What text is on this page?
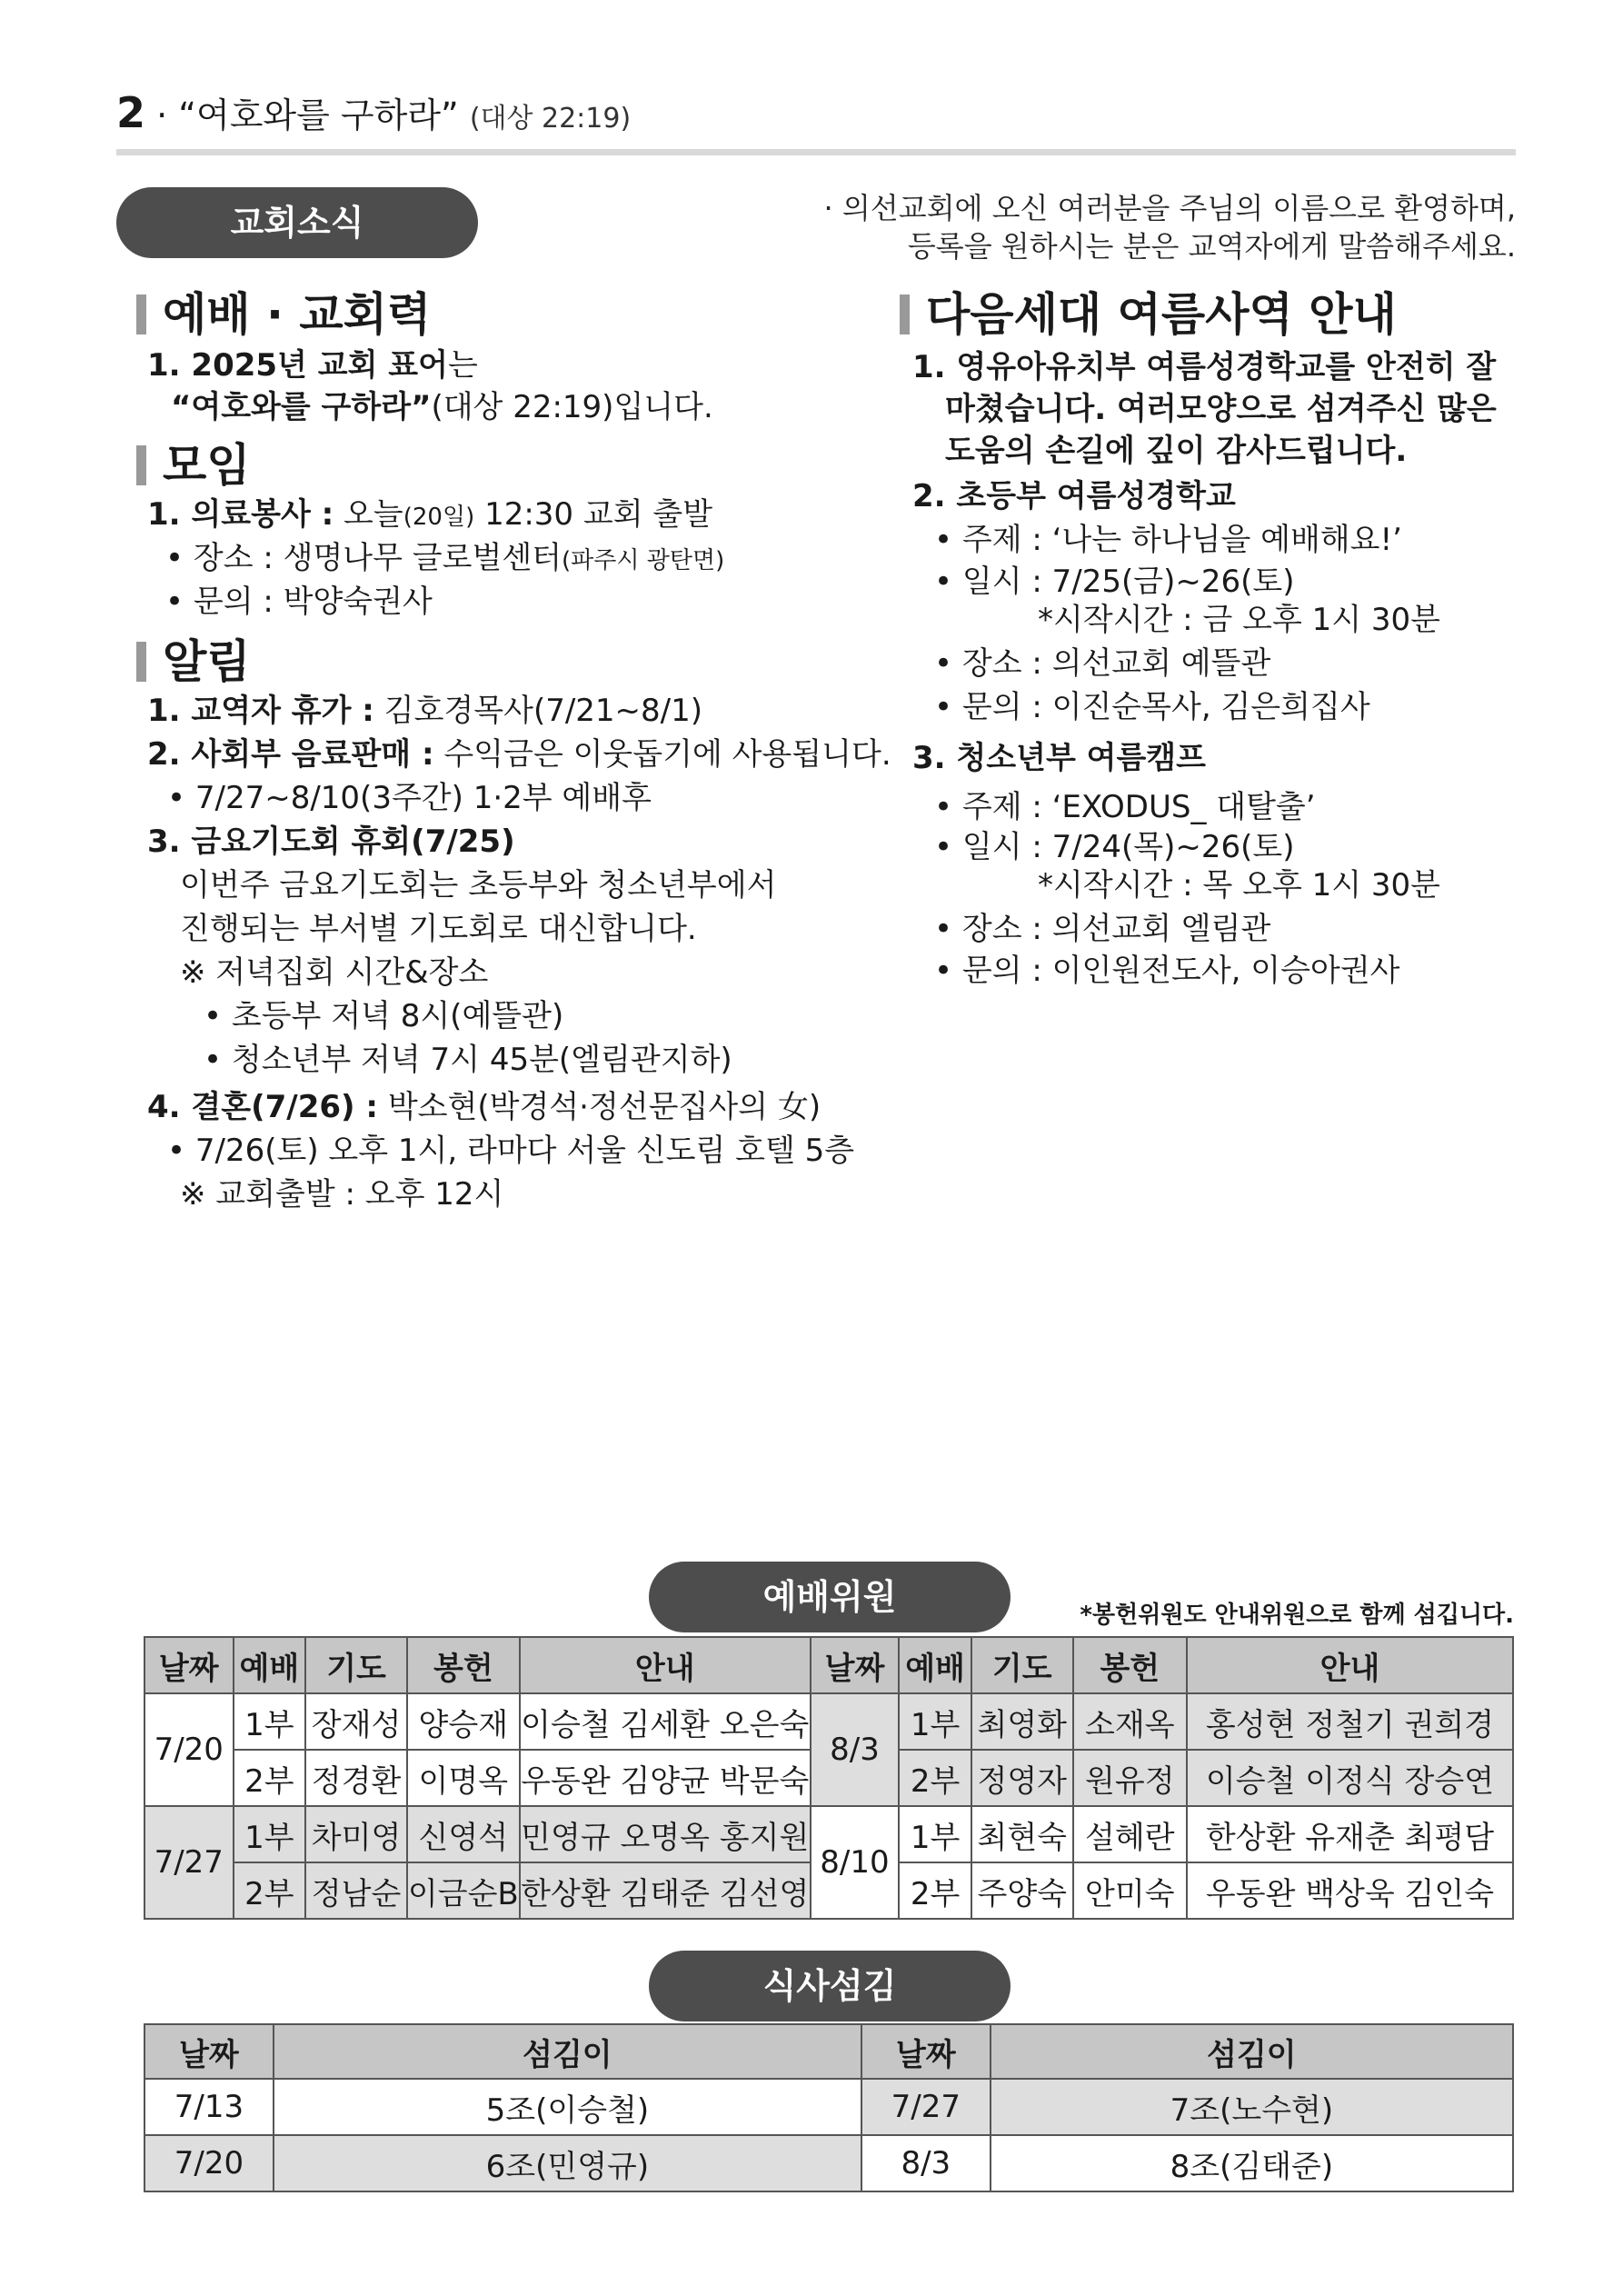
2 · “여호와를 구하라” (대상 22:19)
교회소식
예배 · 교회력
1. 2025년 교회 표어는
“여호와를 구하라”(대상 22:19)입니다.
모임
1. 의료봉사 : 오늘(20일) 12:30 교회 출발
• 장소 : 생명나무 글로벌센터(파주시 광탄면)
• 문의 : 박양숙권사
알림
1. 교역자 휴가 : 김호경목사(7/21~8/1)
2. 사회부 음료판매 : 수익금은 이웃돕기에 사용됩니다.
• 7/27~8/10(3주간) 1·2부 예배후
3. 금요기도회 휴회(7/25)
이번주 금요기도회는 초등부와 청소년부에서
진행되는 부서별 기도회로 대신합니다.
※ 저녁집회 시간&장소
• 초등부 저녁 8시(예뜰관)
• 청소년부 저녁 7시 45분(엘림관지하)
4. 결혼(7/26) : 박소현(박경석·정선문집사의 女)
• 7/26(토) 오후 1시, 라마다 서울 신도림 호텔 5층
※ 교회출발 : 오후 12시
· 의선교회에 오신 여러분을 주님의 이름으로 환영하며,
등록을 원하시는 분은 교역자에게 말씀해주세요.
다음세대 여름사역 안내
1. 영유아유치부 여름성경학교를 안전히 잘
마쳤습니다. 여러모양으로 섬겨주신 많은
도움의 손길에 깊이 감사드립니다.
2. 초등부 여름성경학교
• 주제 : ‘나는 하나님을 예배해요!’
• 일시 : 7/25(금)~26(토)
*시작시간 : 금 오후 1시 30분
• 장소 : 의선교회 예뜰관
• 문의 : 이진순목사, 김은희집사
3. 청소년부 여름캠프
• 주제 : ‘EXODUS_ 대탈출’
• 일시 : 7/24(목)~26(토)
*시작시간 : 목 오후 1시 30분
• 장소 : 의선교회 엘림관
• 문의 : 이인원전도사, 이승아권사
예배위원	*봉헌위원도 안내위원으로 함께 섬깁니다.
날짜	예배	기도	봉헌	안내	날짜	예배	기도	봉헌	안내
7/20	1부	장재성	양승재	이승철 김세환 오은숙	8/3	1부	최영화	소재옥	홍성현 정철기 권희경
	2부	정경환	이명옥	우동완 김양균 박문숙		2부	정영자	원유정	이승철 이정식 장승연
7/27	1부	차미영	신영석	민영규 오명옥 홍지원	8/10	1부	최현숙	설혜란	한상환 유재춘 최평담
	2부	정남순	이금순B	한상환 김태준 김선영		2부	주양숙	안미숙	우동완 백상욱 김인숙
식사섬김
날짜	섬김이	날짜	섬김이
7/13	5조(이승철)	7/27	7조(노수현)
7/20	6조(민영규)	8/3	8조(김태준)
